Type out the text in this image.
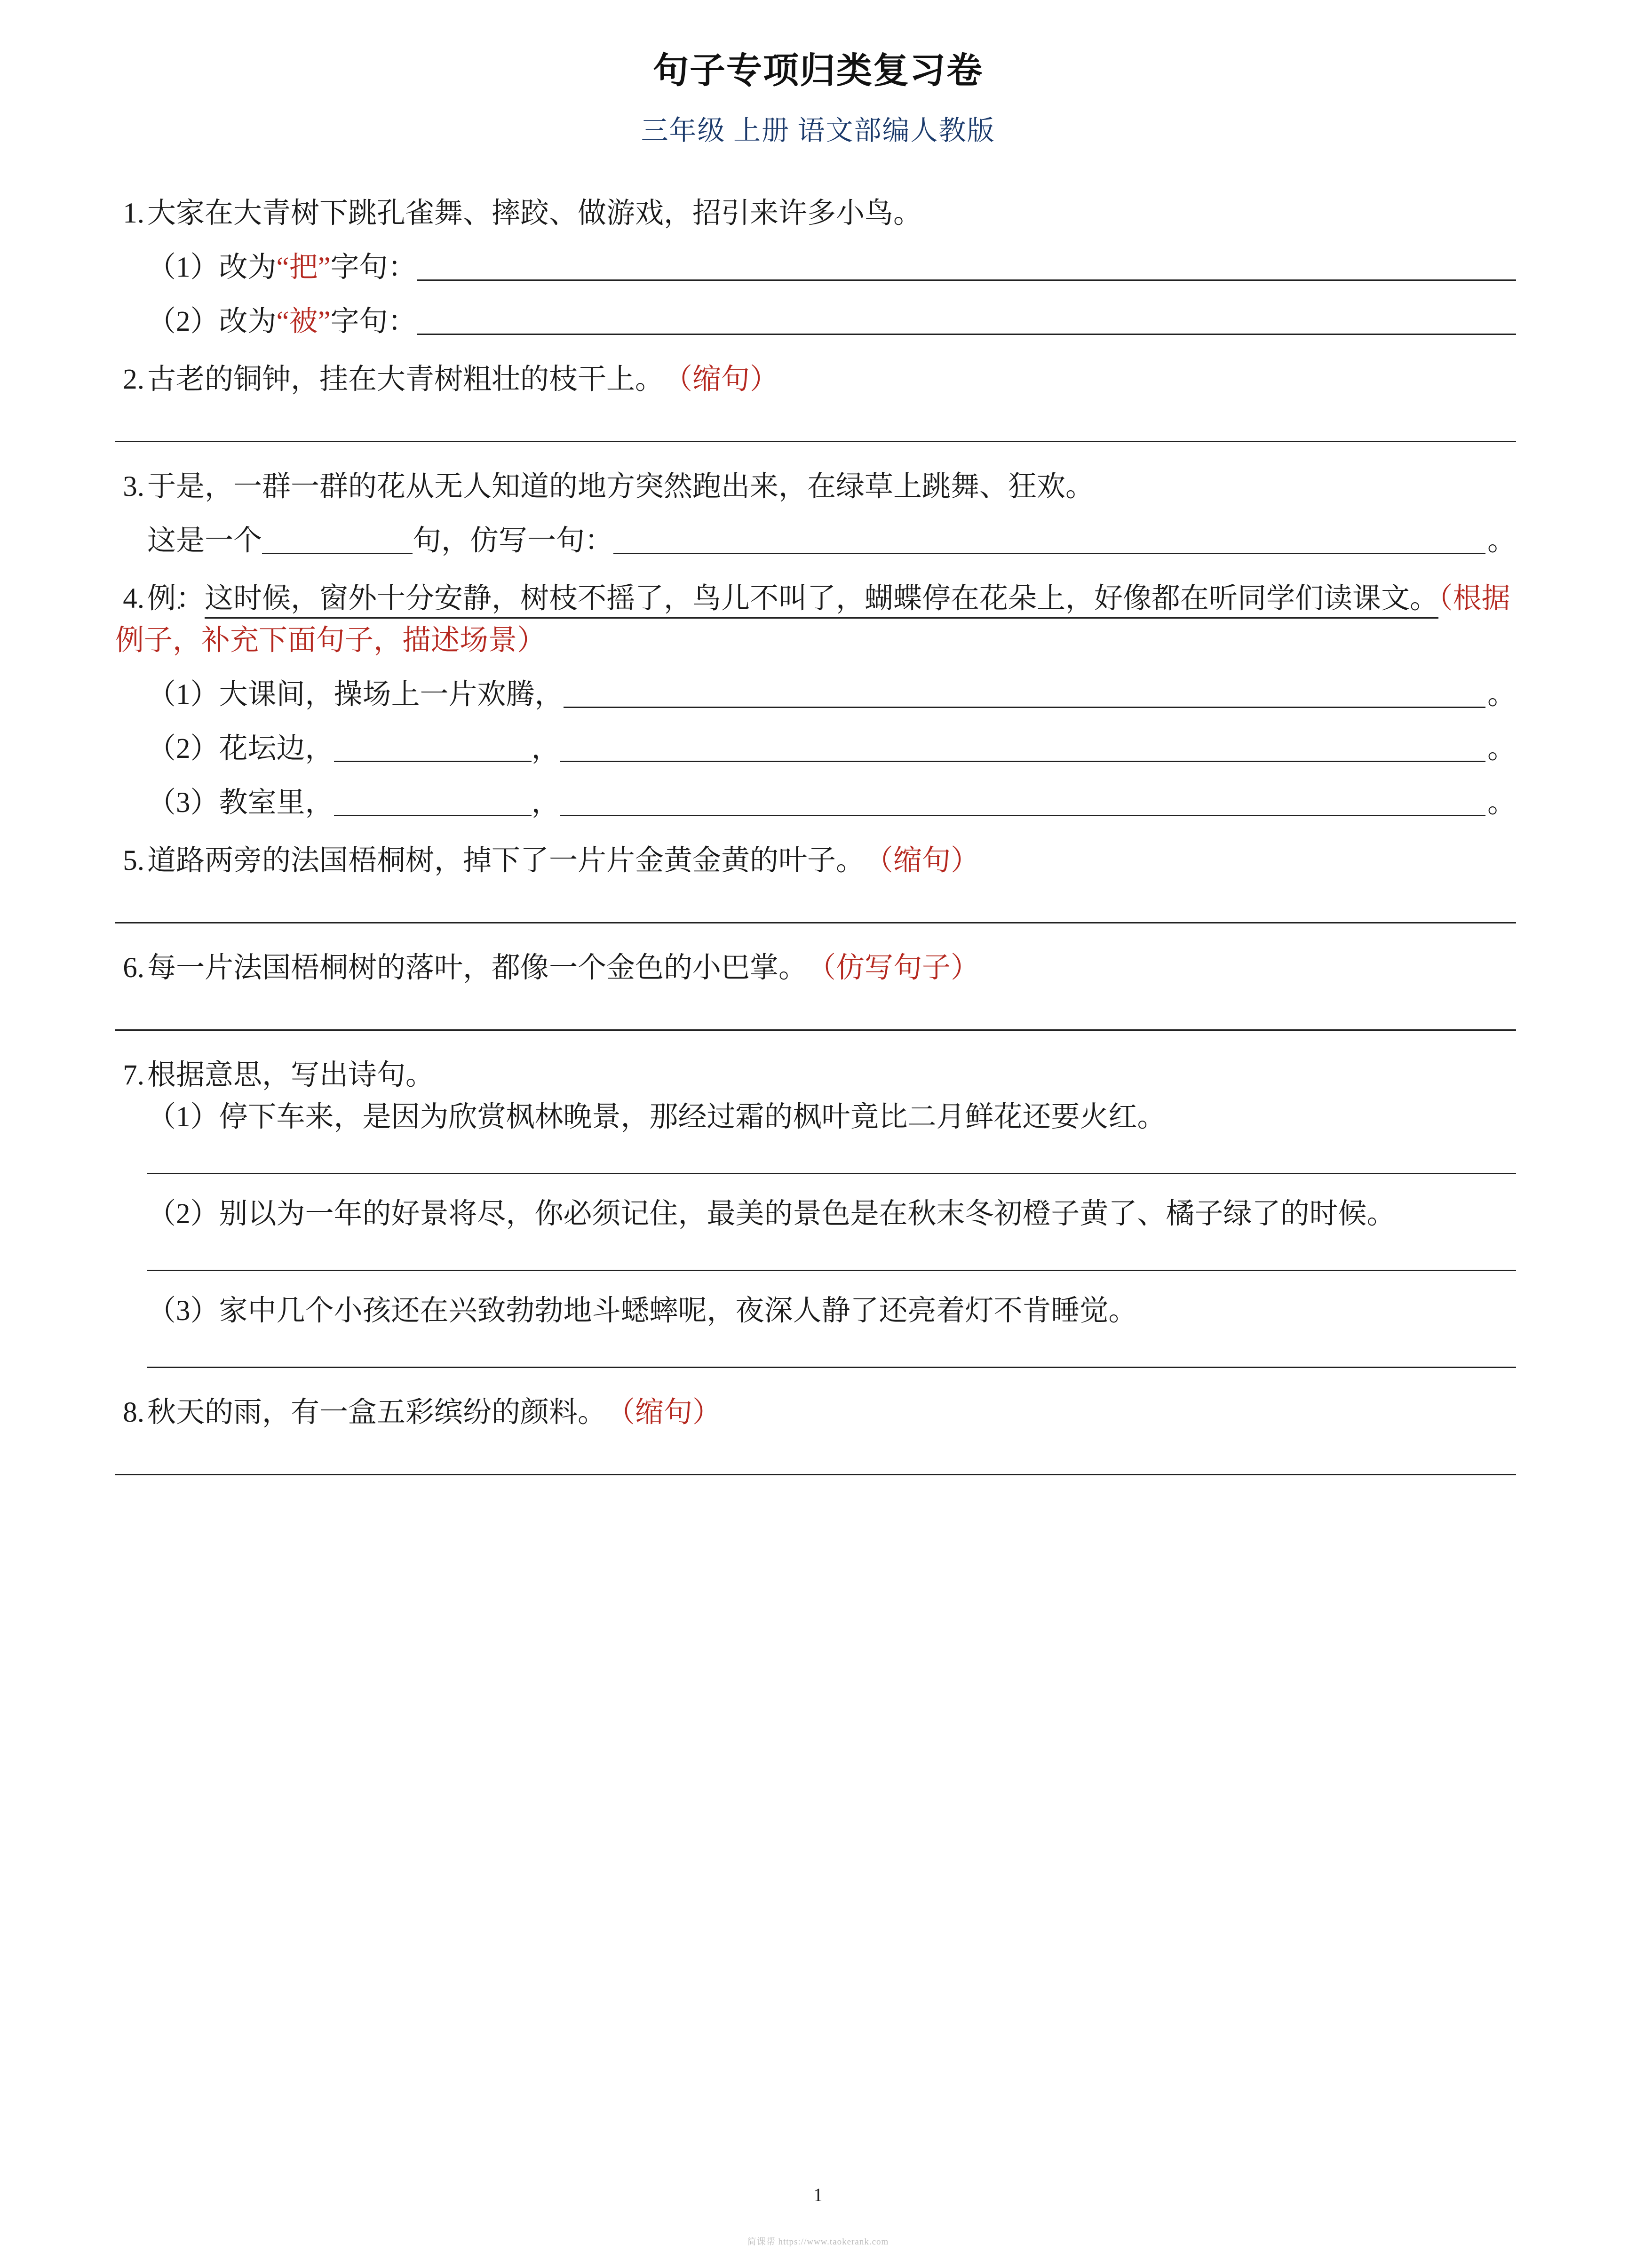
句子专项归类复习卷
三年级 上册 语文部编人教版
1. 大家在大青树下跳孔雀舞、摔跤、做游戏，招引来许多小鸟。
（1）改为 “把” 字句：
（2）改为 “被” 字句：
2. 古老的铜钟，挂在大青树粗壮的枝干上。 （缩句）
3. 于是，一群一群的花从无人知道的地方突然跑出来，在绿草上跳舞、狂欢。
这是一个	句，仿写一句：	。
4.例： ··这时候，窗外十分安静，树枝不摇了，鸟儿不叫了，蝴蝶停在花朵上，好像都在听同学们读课文。（根据例子，补充下面句子，描述场景）
（1）大课间，操场上一片欢腾，	。
（2）花坛边，	，	。
（3）教室里，	，	。
5. 道路两旁的法国梧桐树，掉下了一片片金黄金黄的叶子。 （缩句）
6. 每一片法国梧桐树的落叶，都像一个金色的小巴掌。 （仿写句子）
7. 根据意思，写出诗句。
（1）停下车来，是因为欣赏枫林晚景，那经过霜的枫叶竟比二月鲜花还要火红。
（2）别以为一年的好景将尽，你必须记住，最美的景色是在秋末冬初橙子黄了、橘子绿了的时候。
（3）家中几个小孩还在兴致勃勃地斗蟋蟀呢，夜深人静了还亮着灯不肯睡觉。
8. 秋天的雨，有一盒五彩缤纷的颜料。 （缩句）
1
简课帮 https://www.taokerank.com
